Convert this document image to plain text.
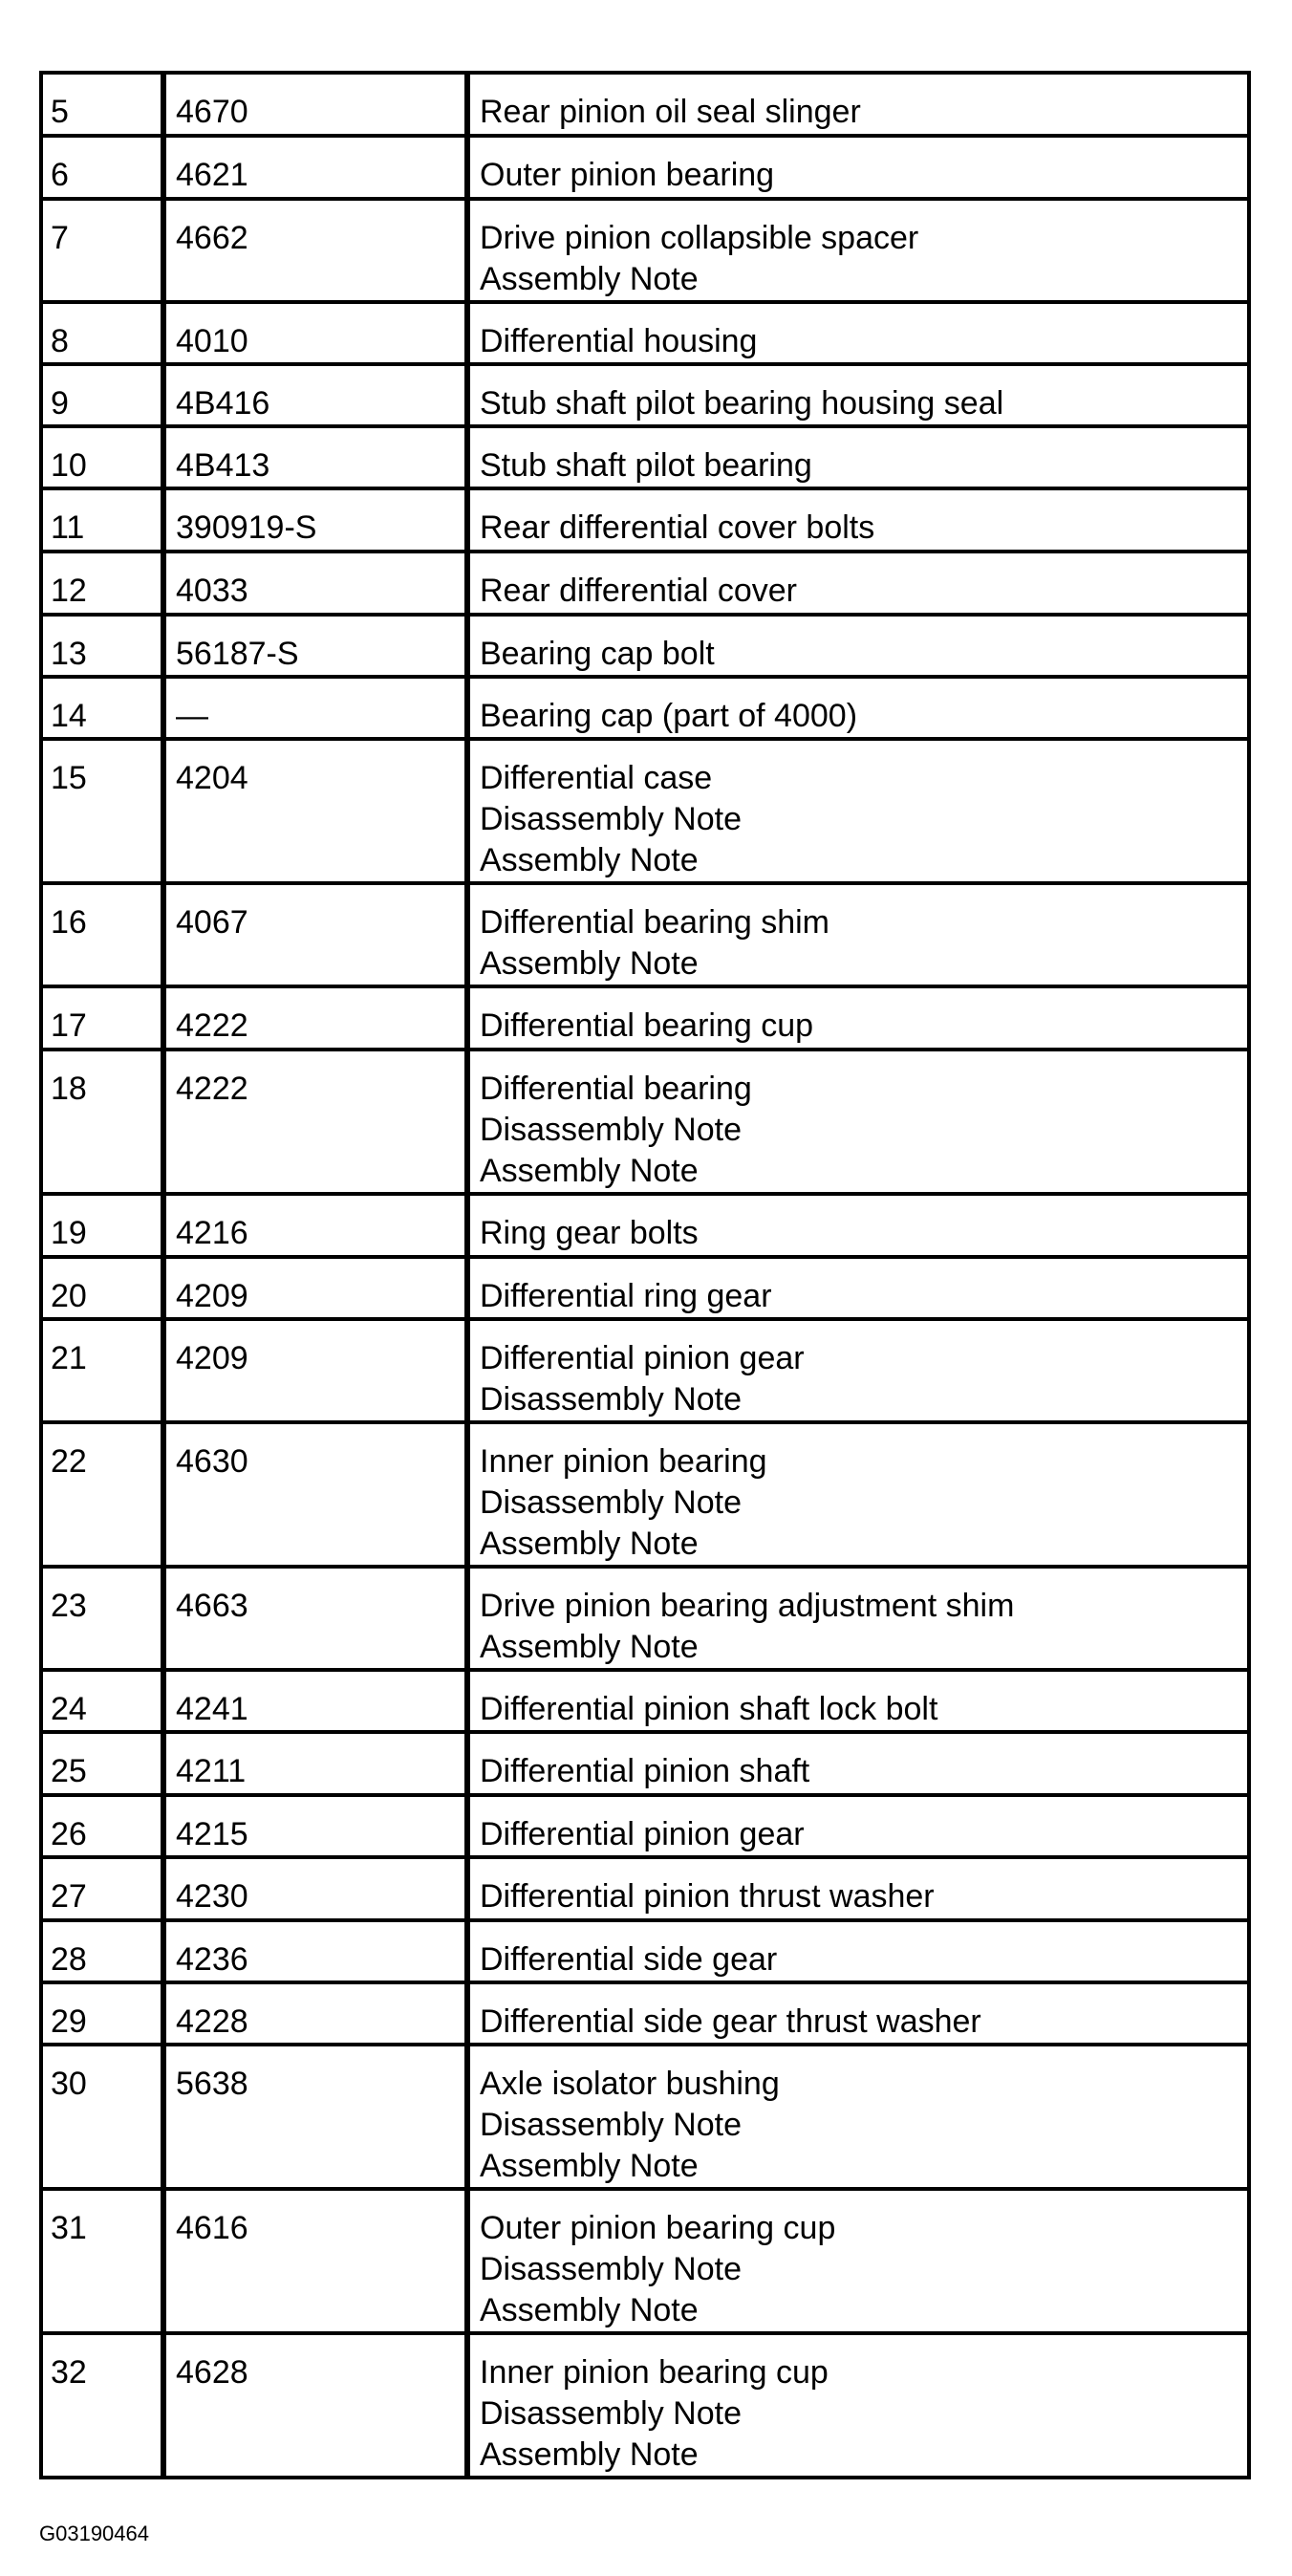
5	4670	Rear pinion oil seal slinger

6	4621	Outer pinion bearing

7	4662	Drive pinion collapsible spacer
Assembly Note

8	4010	Differential housing

9	4B416	Stub shaft pilot bearing housing seal

10	4B413	Stub shaft pilot bearing

11	390919-S	Rear differential cover bolts

12	4033	Rear differential cover

13	56187-S	Bearing cap bolt

14	—	Bearing cap (part of 4000)

15	4204	Differential case
Disassembly Note
Assembly Note

16	4067	Differential bearing shim
Assembly Note

17	4222	Differential bearing cup

18	4222	Differential bearing
Disassembly Note
Assembly Note

19	4216	Ring gear bolts

20	4209	Differential ring gear

21	4209	Differential pinion gear
Disassembly Note

22	4630	Inner pinion bearing
Disassembly Note
Assembly Note

23	4663	Drive pinion bearing adjustment shim
Assembly Note

24	4241	Differential pinion shaft lock bolt

25	4211	Differential pinion shaft

26	4215	Differential pinion gear

27	4230	Differential pinion thrust washer

28	4236	Differential side gear

29	4228	Differential side gear thrust washer

30	5638	Axle isolator bushing
Disassembly Note
Assembly Note

31	4616	Outer pinion bearing cup
Disassembly Note
Assembly Note

32	4628	Inner pinion bearing cup
Disassembly Note
Assembly Note
G03190464
